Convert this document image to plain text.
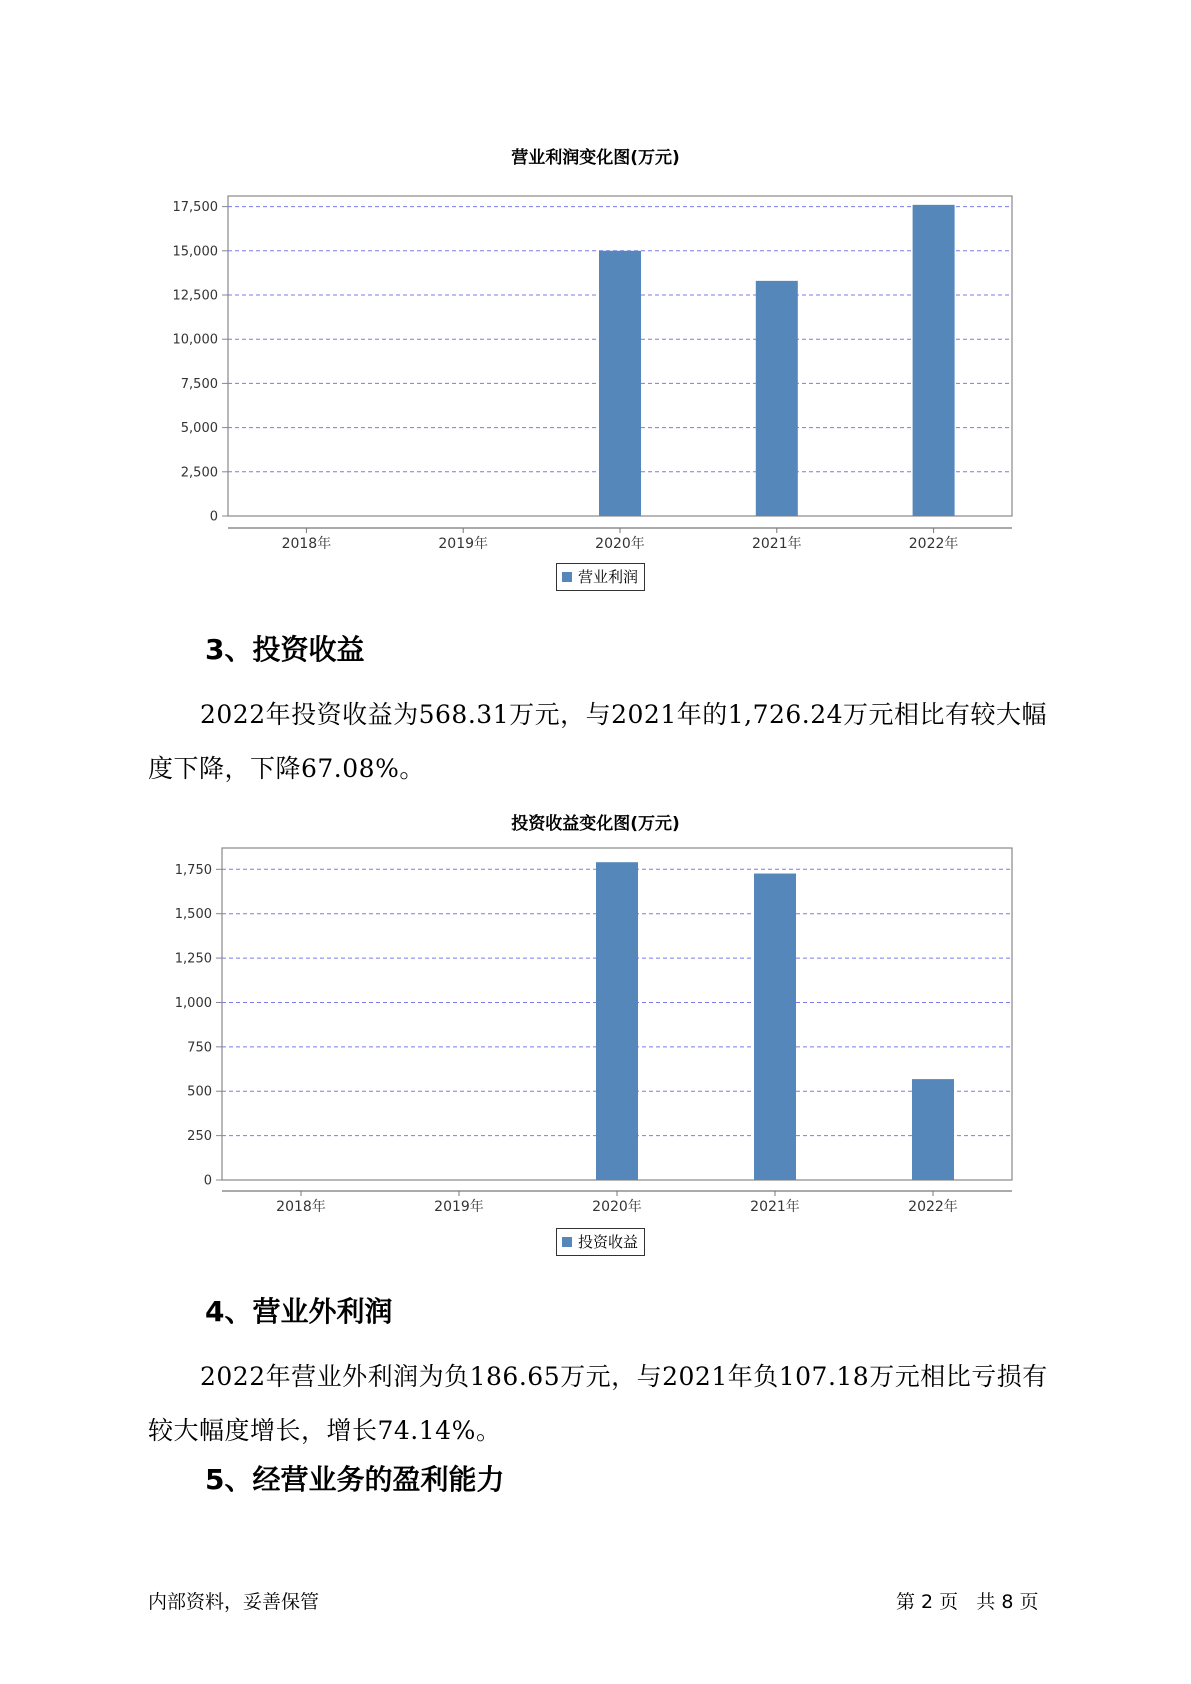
营业利润变化图(万元)
0
2,500
5,000
7,500
10,000
12,500
15,000
17,500
2018年	2019年	2020年	2021年	2022年
营业利润
3、投资收益
2022年投资收益为568.31万元，与2021年的1,726.24万元相比有较大幅度下降，下降67.08%。
投资收益变化图(万元)
0
250
500
750
1,000
1,250
1,500
1,750
2018年	2019年	2020年	2021年	2022年
投资收益
4、营业外利润
2022年营业外利润为负186.65万元，与2021年负107.18万元相比亏损有较大幅度增长，增长74.14%。
5、经营业务的盈利能力
内部资料，妥善保管	第 2 页   共 8 页
